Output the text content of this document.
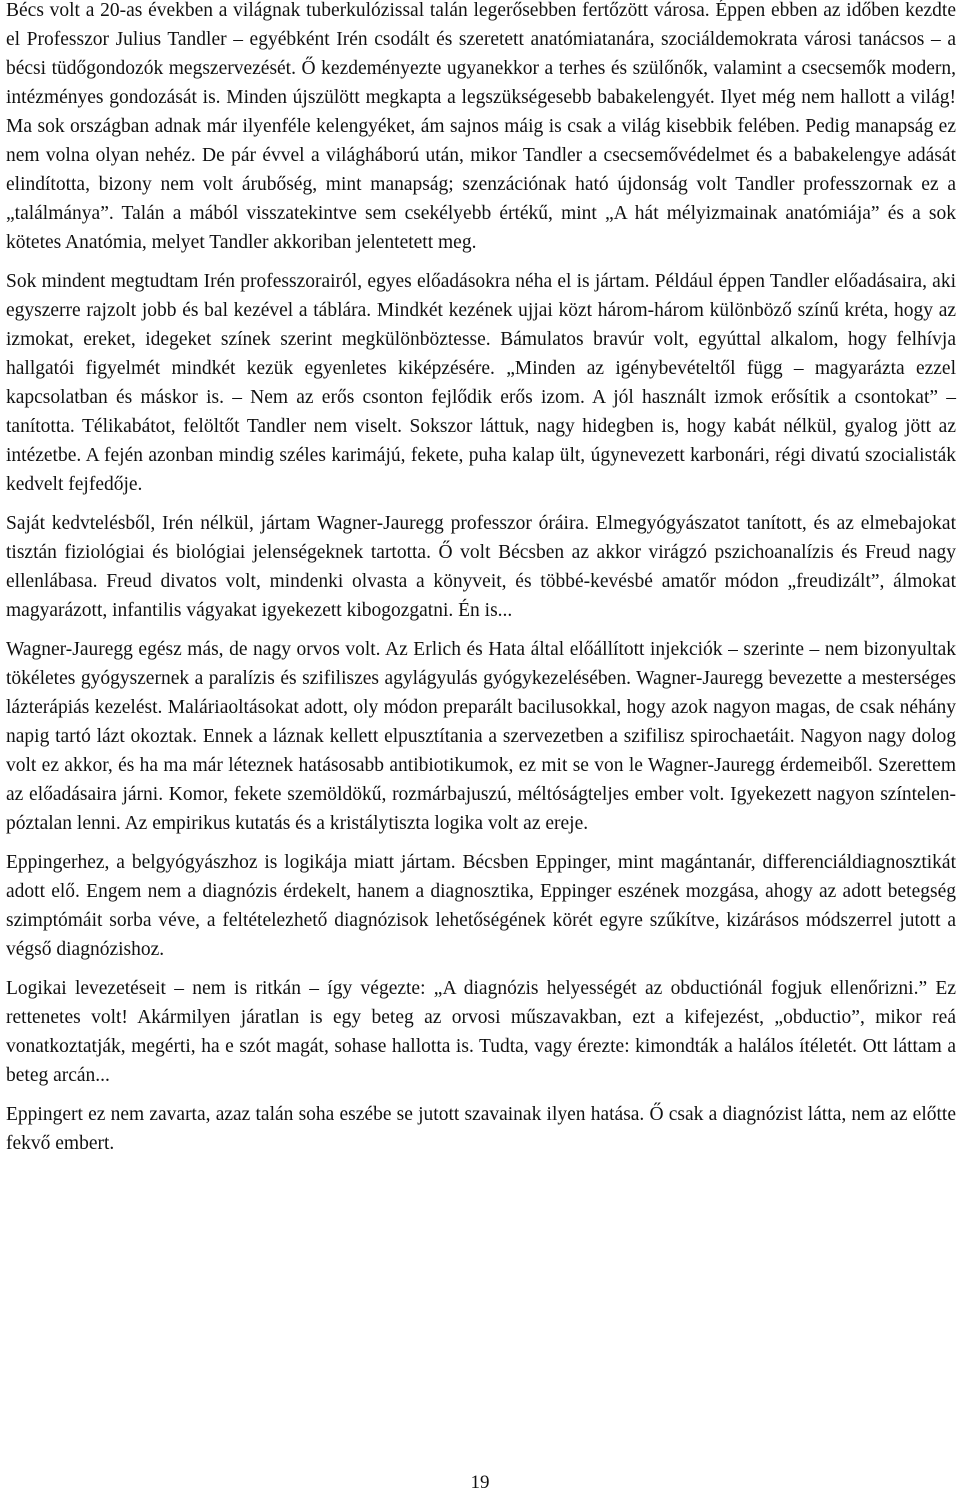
Bécs volt a 20-as években a világnak tuberkulózissal talán legerősebben fertőzött városa. Éppen ebben az időben kezdte el Professzor Julius Tandler – egyébként Irén csodált és szeretett anatómiatanára, szociáldemokrata városi tanácsos – a bécsi tüdőgondozók megszervezését. Ő kezdeményezte ugyanekkor a terhes és szülőnők, valamint a csecsemők modern, intézményes gondozását is. Minden újszülött megkapta a legszükségesebb babakelengyét. Ilyet még nem hallott a világ! Ma sok országban adnak már ilyenféle kelengyéket, ám sajnos máig is csak a világ kisebbik felében. Pedig manapság ez nem volna olyan nehéz. De pár évvel a világháború után, mikor Tandler a csecsemővédelmet és a babakelengye adását elindította, bizony nem volt árubőség, mint manapság; szenzációnak ható újdonság volt Tandler professzornak ez a „találmánya”. Talán a mából visszatekintve sem csekélyebb értékű, mint „A hát mélyizmainak anatómiája” és a sok kötetes Anatómia, melyet Tandler akkoriban jelentetett meg.

Sok mindent megtudtam Irén professzorairól, egyes előadásokra néha el is jártam. Például éppen Tandler előadásaira, aki egyszerre rajzolt jobb és bal kezével a táblára. Mindkét kezének ujjai közt három-három különböző színű kréta, hogy az izmokat, ereket, idegeket színek szerint megkülönböztesse. Bámulatos bravúr volt, egyúttal alkalom, hogy felhívja hallgatói figyelmét mindkét kezük egyenletes kiképzésére. „Minden az igénybevételtől függ – magyarázta ezzel kapcsolatban és máskor is. – Nem az erős csonton fejlődik erős izom. A jól használt izmok erősítik a csontokat” – tanította. Télikabátot, felöltőt Tandler nem viselt. Sokszor láttuk, nagy hidegben is, hogy kabát nélkül, gyalog jött az intézetbe. A fején azonban mindig széles karimájú, fekete, puha kalap ült, úgynevezett karbonári, régi divatú szocialisták kedvelt fejfedője.

Saját kedvtelésből, Irén nélkül, jártam Wagner-Jauregg professzor óráira. Elmegyógyászatot tanított, és az elmebajokat tisztán fiziológiai és biológiai jelenségeknek tartotta. Ő volt Bécsben az akkor virágzó pszichoanalízis és Freud nagy ellenlábasa. Freud divatos volt, mindenki olvasta a könyveit, és többé-kevésbé amatőr módon „freudizált”, álmokat magyarázott, infantilis vágyakat igyekezett kibogozgatni. Én is...

Wagner-Jauregg egész más, de nagy orvos volt. Az Erlich és Hata által előállított injekciók – szerinte – nem bizonyultak tökéletes gyógyszernek a paralízis és szifiliszes agylágyulás gyógykezelésében. Wagner-Jauregg bevezette a mesterséges lázterápiás kezelést. Maláriaoltásokat adott, oly módon preparált bacilusokkal, hogy azok nagyon magas, de csak néhány napig tartó lázt okoztak. Ennek a láznak kellett elpusztítania a szervezetben a szifilisz spirochaetáit. Nagyon nagy dolog volt ez akkor, és ha ma már léteznek hatásosabb antibiotikumok, ez mit se von le Wagner-Jauregg érdemeiből. Szerettem az előadásaira járni. Komor, fekete szemöldökű, rozmárbajuszú, méltóságteljes ember volt. Igyekezett nagyon színtelen-póztalan lenni. Az empirikus kutatás és a kristálytiszta logika volt az ereje.

Eppingerhez, a belgyógyászhoz is logikája miatt jártam. Bécsben Eppinger, mint magántanár, differenciáldiagnosztikát adott elő. Engem nem a diagnózis érdekelt, hanem a diagnosztika, Eppinger eszének mozgása, ahogy az adott betegség szimptómáit sorba véve, a feltételezhető diagnózisok lehetőségének körét egyre szűkítve, kizárásos módszerrel jutott a végső diagnózishoz.

Logikai levezetéseit – nem is ritkán – így végezte: „A diagnózis helyességét az obductiónál fogjuk ellenőrizni.” Ez rettenetes volt! Akármilyen járatlan is egy beteg az orvosi műszavakban, ezt a kifejezést, „obductio”, mikor reá vonatkoztatják, megérti, ha e szót magát, sohase hallotta is. Tudta, vagy érezte: kimondták a halálos ítéletét. Ott láttam a beteg arcán...

Eppingert ez nem zavarta, azaz talán soha eszébe se jutott szavainak ilyen hatása. Ő csak a diagnózist látta, nem az előtte fekvő embert.

19
